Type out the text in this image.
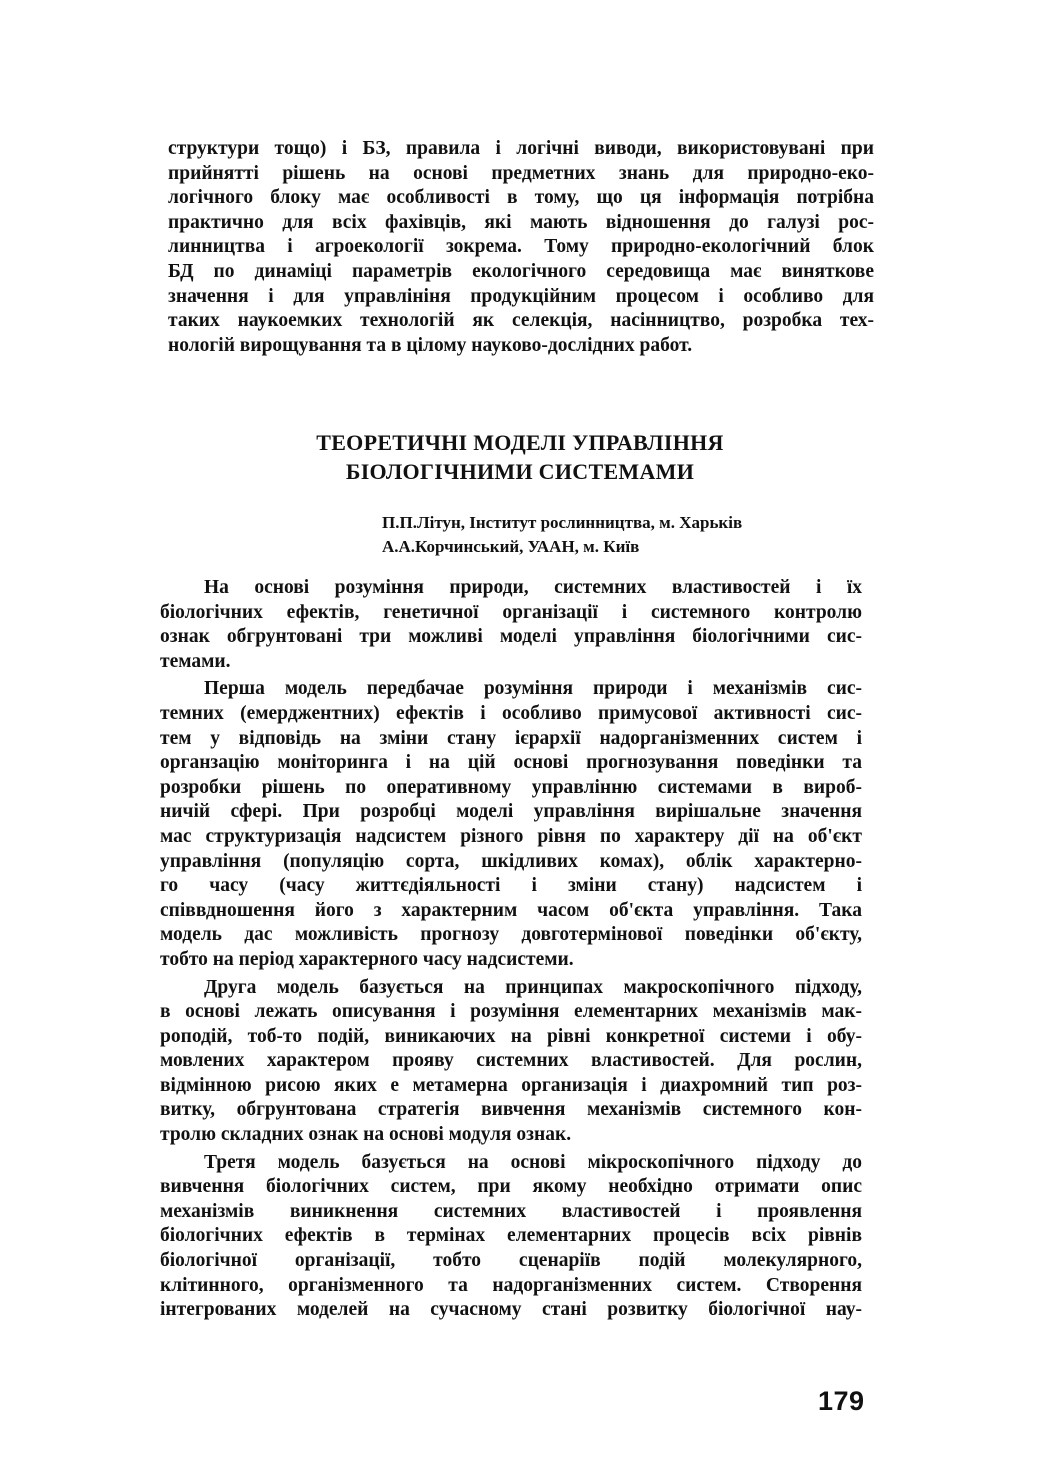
структури тощо) і БЗ, правила і логічні виводи, використовувані при
прийнятті рішень на основі предметних знань для природно-еко-
логічного блоку має особливості в тому, що ця інформація потрібна
практично для всіх фахівців, які мають відношення до галузі рос-
линництва і агроекології зокрема. Тому природно-екологічний блок
БД по динаміці параметрів екологічного середовища має виняткове
значення і для управлініня продукційним процесом і особливо для
таких наукоемких технологій як селекція, насінництво, розробка тех-
нологій вирощування та в цілому науково-дослідних работ.
ТЕОРЕТИЧНІ МОДЕЛІ УПРАВЛІННЯ
БІОЛОГІЧНИМИ СИСТЕМАМИ
П.П.Літун, Інститут рослинництва, м. Харьків
А.А.Корчинський, УААН, м. Київ
На основі розуміння природи, системних властивостей і їх
біологічних ефектів, генетичної організації і системного контролю
ознак обгрунтовані три можливі моделі управління біологічними сис-
темами.
Перша модель передбачае розуміння природи і механізмів сис-
темних (емерджентних) ефектів і особливо примусової активності сис-
тем у відповідь на зміни стану ієрархії надорганізменних систем і
органзацію моніторинга і на цій основі прогнозування поведінки та
розробки рішень по оперативному управлінню системами в вироб-
ничій сфері. При розробці моделі управління вирішальне значення
мас структуризація надсистем різного рівня по характеру дії на об'єкт
управління (популяцію сорта, шкідливих комах), облік характерно-
го часу (часу життєдіяльності і зміни стану) надсистем і
співвдношення його з характерним часом об'єкта управління. Така
модель дас можливість прогнозу довготермінової поведінки об'єкту,
тобто на період характерного часу надсистеми.
Друга модель базується на принципах макроскопічного підходу,
в основі лежать описування і розуміння елементарних механізмів мак-
роподій, тоб-то подій, виникаючих на рівні конкретної системи і обу-
мовлених характером прояву системних властивостей. Для рослин,
відмінною рисою яких е метамерна организація і диахромний тип роз-
витку, обгрунтована стратегія вивчення механізмів системного кон-
тролю складних ознак на основі модуля ознак.
Третя модель базується на основі мікроскопічного підходу до
вивчення біологічних систем, при якому необхідно отримати опис
механізмів виникнення системних властивостей і проявлення
біологічних ефектів в термінах елементарних процесів всіх рівнів
біологічної організації, тобто сценаріїв подій молекулярного,
клітинного, організменного та надорганізменних систем. Створення
інтегрованих моделей на сучасному стані розвитку біологічної нау-
179
